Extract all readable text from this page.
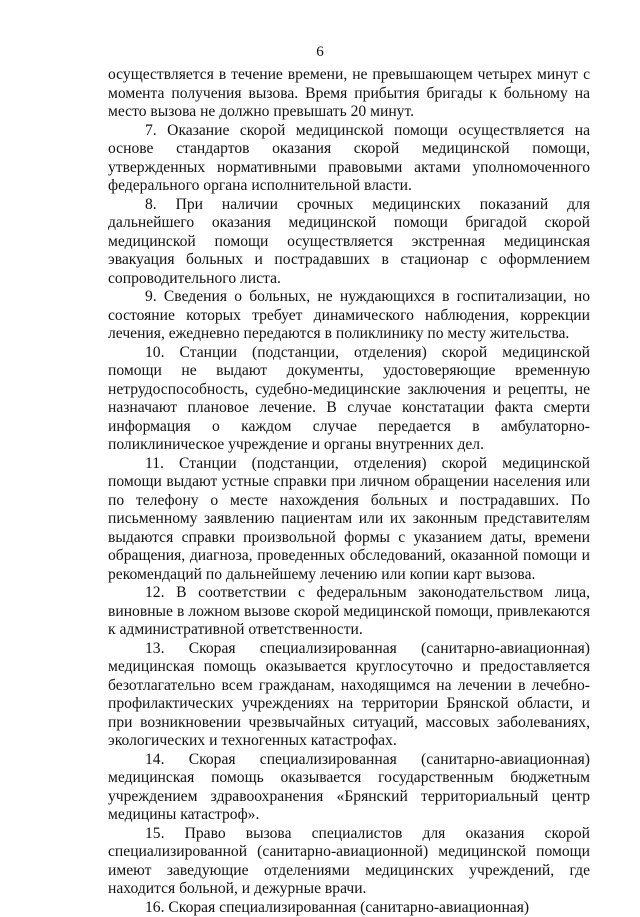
6

осуществляется в течение времени, не превышающем четырех минут с момента получения вызова. Время прибытия бригады к больному на место вызова не должно превышать 20 минут.

7. Оказание скорой медицинской помощи осуществляется на основе стандартов оказания скорой медицинской помощи, утвержденных нормативными правовыми актами уполномоченного федерального органа исполнительной власти.

8. При наличии срочных медицинских показаний для дальнейшего оказания медицинской помощи бригадой скорой медицинской помощи осуществляется экстренная медицинская эвакуация больных и пострадавших в стационар с оформлением сопроводительного листа.

9. Сведения о больных, не нуждающихся в госпитализации, но состояние которых требует динамического наблюдения, коррекции лечения, ежедневно передаются в поликлинику по месту жительства.

10. Станции (подстанции, отделения) скорой медицинской помощи не выдают документы, удостоверяющие временную нетрудоспособность, судебно-медицинские заключения и рецепты, не назначают плановое лечение. В случае констатации факта смерти информация о каждом случае передается в амбулаторно-поликлиническое учреждение и органы внутренних дел.

11. Станции (подстанции, отделения) скорой медицинской помощи выдают устные справки при личном обращении населения или по телефону о месте нахождения больных и пострадавших. По письменному заявлению пациентам или их законным представителям выдаются справки произвольной формы с указанием даты, времени обращения, диагноза, проведенных обследований, оказанной помощи и рекомендаций по дальнейшему лечению или копии карт вызова.

12. В соответствии с федеральным законодательством лица, виновные в ложном вызове скорой медицинской помощи, привлекаются к административной ответственности.

13. Скорая специализированная (санитарно-авиационная) медицинская помощь оказывается круглосуточно и предоставляется безотлагательно всем гражданам, находящимся на лечении в лечебно-профилактических учреждениях на территории Брянской области, и при возникновении чрезвычайных ситуаций, массовых заболеваниях, экологических и техногенных катастрофах.

14. Скорая специализированная (санитарно-авиационная) медицинская помощь оказывается государственным бюджетным учреждением здравоохранения «Брянский территориальный центр медицины катастроф».

15. Право вызова специалистов для оказания скорой специализированной (санитарно-авиационной) медицинской помощи имеют заведующие отделениями медицинских учреждений, где находится больной, и дежурные врачи.

16. Скорая специализированная (санитарно-авиационная)
